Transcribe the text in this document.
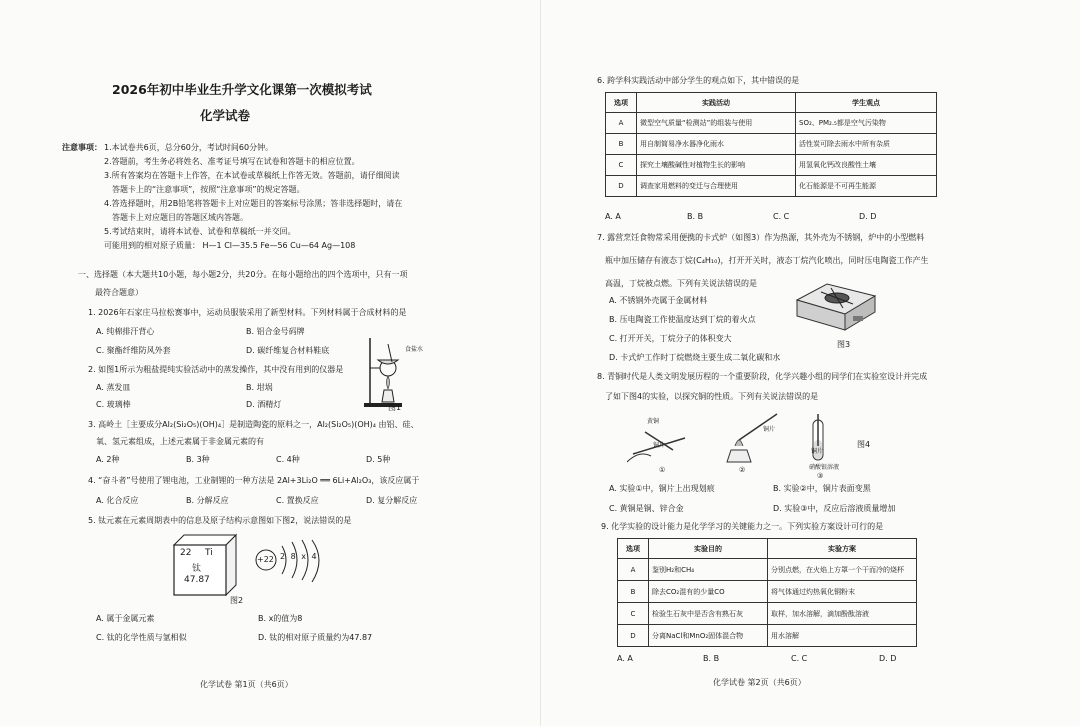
2026年初中毕业生升学文化课第一次模拟考试
化学试卷
注意事项： 1.本试卷共6页，总分60分，考试时间60分钟。
2.答题前，考生务必将姓名、准考证号填写在试卷和答题卡的相应位置。
3.所有答案均在答题卡上作答，在本试卷或草稿纸上作答无效。答题前，请仔细阅读
答题卡上的“注意事项”，按照“注意事项”的规定答题。
4.答选择题时，用2B铅笔将答题卡上对应题目的答案标号涂黑；答非选择题时，请在
答题卡上对应题目的答题区域内答题。
5.考试结束时，请将本试卷、试卷和草稿纸一并交回。
可能用到的相对原子质量： H—1 Cl—35.5 Fe—56 Cu—64 Ag—108
一、选择题（本大题共10小题，每小题2分，共20分。在每小题给出的四个选项中，只有一项
最符合题意）
1. 2026年石家庄马拉松赛事中，运动员服装采用了新型材料。下列材料属于合成材料的是
A. 纯棉排汗背心	B. 铝合金号码牌
C. 聚酯纤维防风外套	D. 碳纤维复合材料鞋底
2. 如图1所示为粗盐提纯实验活动中的蒸发操作，其中没有用到的仪器是
A. 蒸发皿	B. 坩埚
C. 玻璃棒	D. 酒精灯
食盐水
图1
3. 高岭土［主要成分Al₂(Si₂O₅)(OH)₄］是制造陶瓷的原料之一，Al₂(Si₂O₅)(OH)₄ 由铝、硅、
氧、氢元素组成，上述元素属于非金属元素的有
A. 2种	B. 3种	C. 4种	D. 5种
4. “奋斗者”号使用了锂电池，工业制锂的一种方法是 2Al+3Li₂O ══ 6Li+Al₂O₃，该反应属于
A. 化合反应	B. 分解反应	C. 置换反应	D. 复分解反应
5. 钛元素在元素周期表中的信息及原子结构示意图如下图2，说法错误的是
22 Ti
钛
47.87
+22 2 8 x 4
图2
A. 属于金属元素	B. x的值为8
C. 钛的化学性质与氩相似	D. 钛的相对原子质量约为47.87
化学试卷 第1页（共6页）
6. 跨学科实践活动中部分学生的观点如下，其中错误的是
选项	实践活动	学生观点
A	微型空气质量“检测站”的组装与使用	SO₂、PM₂.₅都是空气污染物
B	用自制简易净水器净化雨水	活性炭可除去雨水中所有杂质
C	探究土壤酸碱性对植物生长的影响	用氢氧化钙改良酸性土壤
D	调查家用燃料的变迁与合理使用	化石能源是不可再生能源
A. A	B. B	C. C	D. D
7. 露营烹饪食物常采用便携的卡式炉（如图3）作为热源，其外壳为不锈钢，炉中的小型燃料
瓶中加压储存有液态丁烷(C₄H₁₀)，打开开关时，液态丁烷汽化喷出，同时压电陶瓷工作产生
高温，丁烷被点燃。下列有关说法错误的是
A. 不锈钢外壳属于金属材料
B. 压电陶瓷工作使温度达到丁烷的着火点
C. 打开开关，丁烷分子的体积变大
D. 卡式炉工作时丁烷燃烧主要生成二氧化碳和水
图3
8. 青铜时代是人类文明发展历程的一个重要阶段，化学兴趣小组的同学们在实验室设计并完成
了如下图4的实验，以探究铜的性质。下列有关说法错误的是
黄铜
铜片
铜片
铜片
硝酸银溶液
①	②
③
图4
A. 实验①中，铜片上出现划痕	B. 实验②中，铜片表面变黑
C. 黄铜是铜、锌合金	D. 实验③中，反应后溶液质量增加
9. 化学实验的设计能力是化学学习的关键能力之一。下列实验方案设计可行的是
选项	实验目的	实验方案
A	鉴别H₂和CH₄	分别点燃，在火焰上方罩一个干而冷的烧杯
B	除去CO₂混有的少量CO	将气体通过灼热氧化铜粉末
C	检验生石灰中是否含有熟石灰	取样，加水溶解，滴加酚酞溶液
D	分离NaCl和MnO₂固体混合物	用水溶解
A. A	B. B	C. C	D. D
化学试卷 第2页（共6页）
